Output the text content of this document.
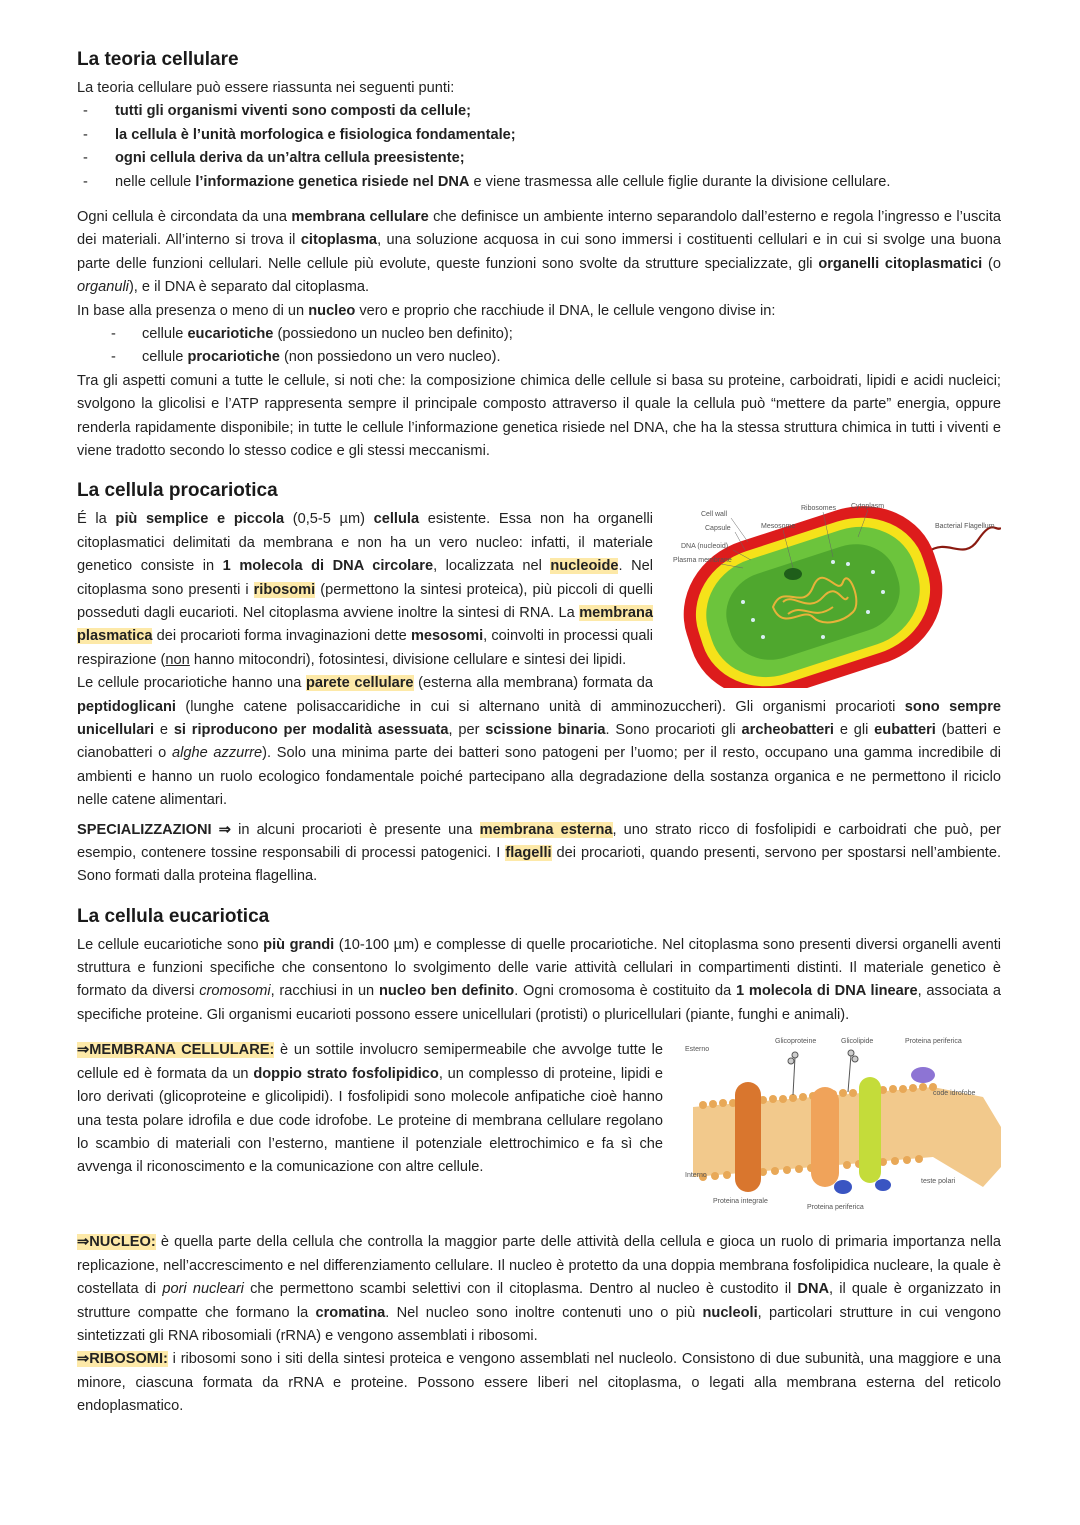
La teoria cellulare

La teoria cellulare può essere riassunta nei seguenti punti:

- tutti gli organismi viventi sono composti da cellule;
- la cellula è l’unità morfologica e fisiologica fondamentale;
- ogni cellula deriva da un’altra cellula preesistente;
- nelle cellule l’informazione genetica risiede nel DNA e viene trasmessa alle cellule figlie durante la divisione cellulare.

Ogni cellula è circondata da una membrana cellulare che definisce un ambiente interno separandolo dall’esterno e regola l’ingresso e l’uscita dei materiali. All’interno si trova il citoplasma, una soluzione acquosa in cui sono immersi i costituenti cellulari e in cui si svolge una buona parte delle funzioni cellulari. Nelle cellule più evolute, queste funzioni sono svolte da strutture specializzate, gli organelli citoplasmatici (o organuli), e il DNA è separato dal citoplasma.

In base alla presenza o meno di un nucleo vero e proprio che racchiude il DNA, le cellule vengono divise in:

- cellule eucariotiche (possiedono un nucleo ben definito);
- cellule procariotiche (non possiedono un vero nucleo).

Tra gli aspetti comuni a tutte le cellule, si noti che: la composizione chimica delle cellule si basa su proteine, carboidrati, lipidi e acidi nucleici; svolgono la glicolisi e l’ATP rappresenta sempre il principale composto attraverso il quale la cellula può “mettere da parte” energia, oppure renderla rapidamente disponibile; in tutte le cellule l’informazione genetica risiede nel DNA, che ha la stessa struttura chimica in tutti i viventi e viene tradotto secondo lo stesso codice e gli stessi meccanismi.

La cellula procariotica
Cell wall
Capsule
DNA (nucleoid)
Plasma membrane
Ribosomes
Mesosome
Cytoplasm
Bacterial Flagellum

É la più semplice e piccola (0,5-5 µm) cellula esistente. Essa non ha organelli citoplasmatici delimitati da membrana e non ha un vero nucleo: infatti, il materiale genetico consiste in 1 molecola di DNA circolare, localizzata nel nucleoide. Nel citoplasma sono presenti i ribosomi (permettono la sintesi proteica), più piccoli di quelli posseduti dagli eucarioti. Nel citoplasma avviene inoltre la sintesi di RNA. La membrana plasmatica dei procarioti forma invaginazioni dette mesosomi, coinvolti in processi quali respirazione (non hanno mitocondri), fotosintesi, divisione cellulare e sintesi dei lipidi.

Le cellule procariotiche hanno una parete cellulare (esterna alla membrana) formata da peptidoglicani (lunghe catene polisaccaridiche in cui si alternano unità di amminozuccheri). Gli organismi procarioti sono sempre unicellulari e si riproducono per modalità asessuata, per scissione binaria. Sono procarioti gli archeobatteri e gli eubatteri (batteri e cianobatteri o alghe azzurre). Solo una minima parte dei batteri sono patogeni per l’uomo; per il resto, occupano una gamma incredibile di ambienti e hanno un ruolo ecologico fondamentale poiché partecipano alla degradazione della sostanza organica e ne permettono il riciclo nelle catene alimentari.

SPECIALIZZAZIONI ⇒ in alcuni procarioti è presente una membrana esterna, uno strato ricco di fosfolipidi e carboidrati che può, per esempio, contenere tossine responsabili di processi patogenici. I flagelli dei procarioti, quando presenti, servono per spostarsi nell’ambiente. Sono formati dalla proteina flagellina.

La cellula eucariotica

Le cellule eucariotiche sono più grandi (10-100 µm) e complesse di quelle procariotiche. Nel citoplasma sono presenti diversi organelli aventi struttura e funzioni specifiche che consentono lo svolgimento delle varie attività cellulari in compartimenti distinti. Il materiale genetico è formato da diversi cromosomi, racchiusi in un nucleo ben definito. Ogni cromosoma è costituito da 1 molecola di DNA lineare, associata a specifiche proteine. Gli organismi eucarioti possono essere unicellulari (protisti) o pluricellulari (piante, funghi e animali).

Esterno
Interno
Glicoproteine	Glicolipide	Proteina periferica
code idrofobe
teste polari
Proteina integrale
Proteina periferica

⇒MEMBRANA CELLULARE: è un sottile involucro semipermeabile che avvolge tutte le cellule ed è formata da un doppio strato fosfolipidico, un complesso di proteine, lipidi e loro derivati (glicoproteine e glicolipidi). I fosfolipidi sono molecole anfipatiche cioè hanno una testa polare idrofila e due code idrofobe. Le proteine di membrana cellulare regolano lo scambio di materiali con l’esterno, mantiene il potenziale elettrochimico e fa sì che avvenga il riconoscimento e la comunicazione con altre cellule.

⇒NUCLEO: è quella parte della cellula che controlla la maggior parte delle attività della cellula e gioca un ruolo di primaria importanza nella replicazione, nell’accrescimento e nel differenziamento cellulare. Il nucleo è protetto da una doppia membrana fosfolipidica nucleare, la quale è costellata di pori nucleari che permettono scambi selettivi con il citoplasma. Dentro al nucleo è custodito il DNA, il quale è organizzato in strutture compatte che formano la cromatina. Nel nucleo sono inoltre contenuti uno o più nucleoli, particolari strutture in cui vengono sintetizzati gli RNA ribosomiali (rRNA) e vengono assemblati i ribosomi.

⇒RIBOSOMI: i ribosomi sono i siti della sintesi proteica e vengono assemblati nel nucleolo. Consistono di due subunità, una maggiore e una minore, ciascuna formata da rRNA e proteine. Possono essere liberi nel citoplasma, o legati alla membrana esterna del reticolo endoplasmatico.
